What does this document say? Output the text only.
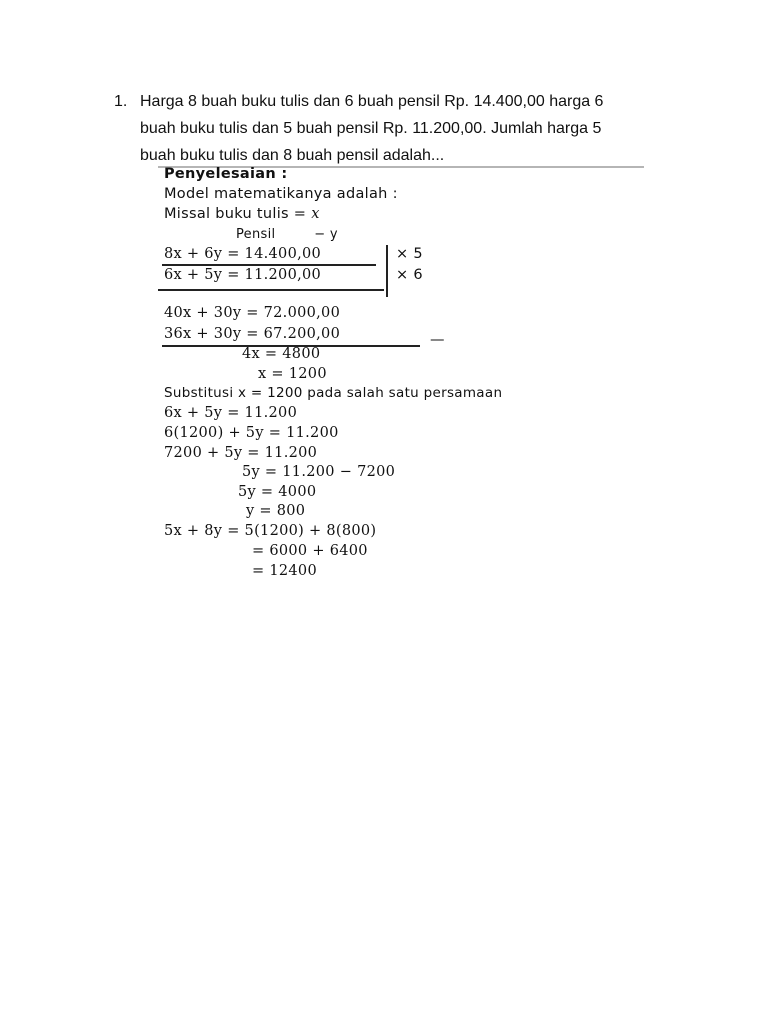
1. Harga 8 buah buku tulis dan 6 buah pensil Rp. 14.400,00 harga 6
buah buku tulis dan 5 buah pensil Rp. 11.200,00. Jumlah harga 5
buah buku tulis dan 8 buah pensil adalah...
Penyelesaian :
Model matematikanya adalah :
Missal buku tulis = x
Pensil	− y
8x + 6y = 14.400,00
6x + 5y = 11.200,00
× 5
× 6
40x + 30y = 72.000,00
36x + 30y = 67.200,00	—
4x = 4800
x = 1200
Substitusi x = 1200 pada salah satu persamaan
6x + 5y = 11.200
6(1200) + 5y = 11.200
7200 + 5y = 11.200
5y = 11.200 − 7200
5y = 4000
y = 800
5x + 8y = 5(1200) + 8(800)
= 6000 + 6400
= 12400
